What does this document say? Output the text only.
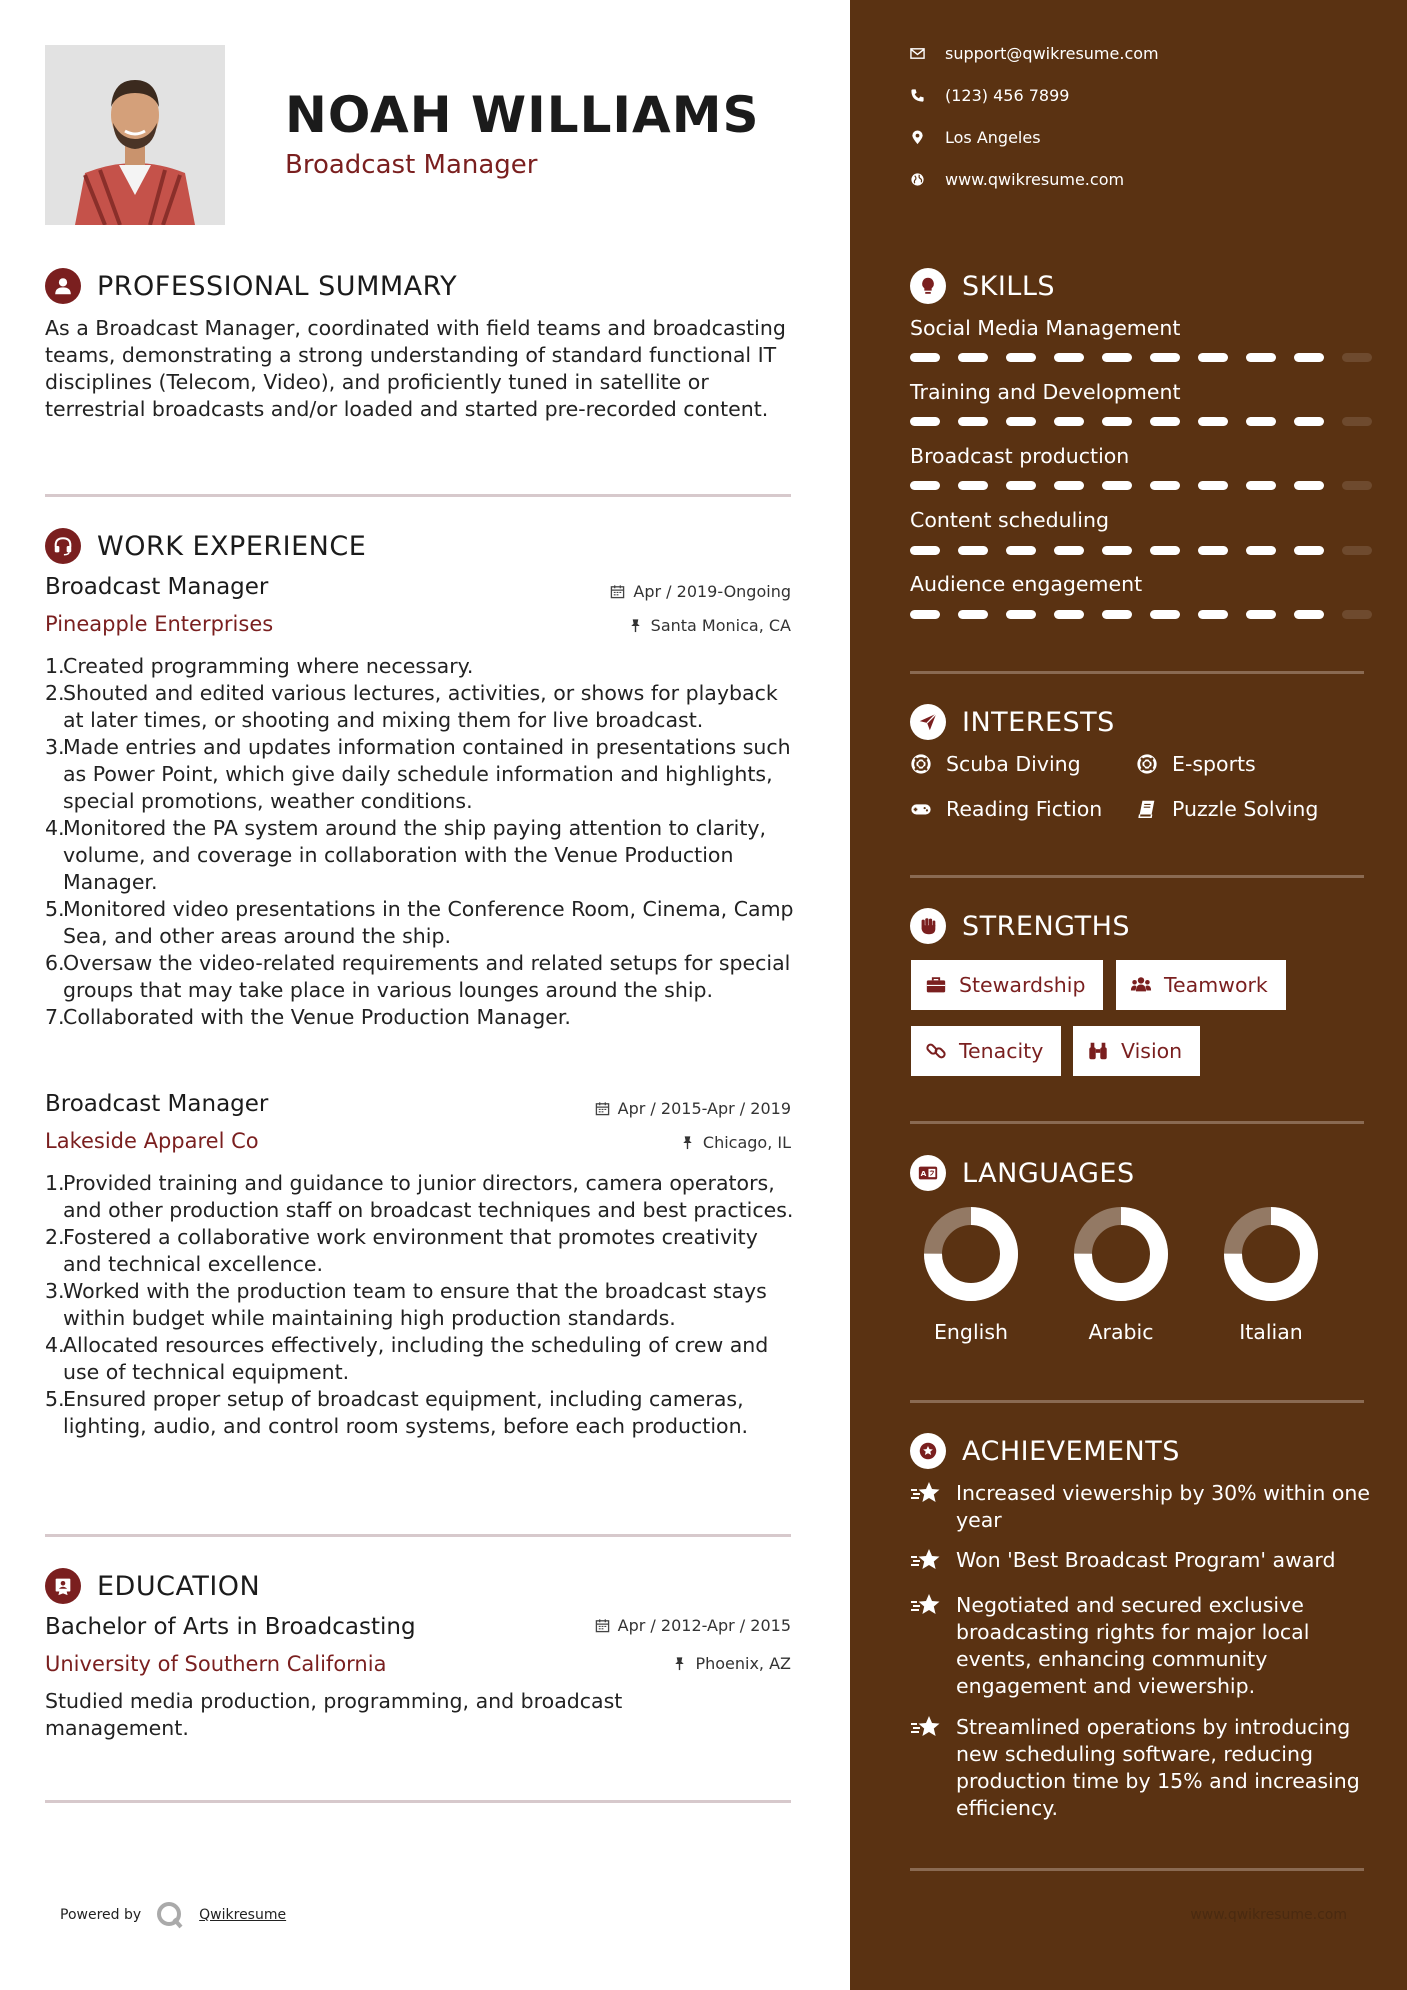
NOAH WILLIAMS
Broadcast Manager
PROFESSIONAL SUMMARY
As a Broadcast Manager, coordinated with field teams and broadcasting teams, demonstrating a strong understanding of standard functional IT disciplines (Telecom, Video), and proficiently tuned in satellite or terrestrial broadcasts and/or loaded and started pre-recorded content.
WORK EXPERIENCE
Broadcast Manager	Apr / 2019-Ongoing
Pineapple Enterprises	Santa Monica, CA
1.
Created programming where necessary.
2.
Shouted and edited various lectures, activities, or shows for playback at later times, or shooting and mixing them for live broadcast.
3.
Made entries and updates information contained in presentations such as Power Point, which give daily schedule information and highlights, special promotions, weather conditions.
4.
Monitored the PA system around the ship paying attention to clarity, volume, and coverage in collaboration with the Venue Production Manager.
5.
Monitored video presentations in the Conference Room, Cinema, Camp Sea, and other areas around the ship.
6.
Oversaw the video-related requirements and related setups for special groups that may take place in various lounges around the ship.
7.
Collaborated with the Venue Production Manager.
Broadcast Manager	Apr / 2015-Apr / 2019
Lakeside Apparel Co	Chicago, IL
1.
Provided training and guidance to junior directors, camera operators, and other production staff on broadcast techniques and best practices.
2.
Fostered a collaborative work environment that promotes creativity and technical excellence.
3.
Worked with the production team to ensure that the broadcast stays within budget while maintaining high production standards.
4.
Allocated resources effectively, including the scheduling of crew and use of technical equipment.
5.
Ensured proper setup of broadcast equipment, including cameras, lighting, audio, and control room systems, before each production.
EDUCATION
Bachelor of Arts in Broadcasting	Apr / 2012-Apr / 2015
University of Southern California	Phoenix, AZ
Studied media production, programming, and broadcast management.
Powered by	Qwikresume	www.qwikresume.com
support@qwikresume.com
(123) 456 7899
Los Angeles
www.qwikresume.com
SKILLS
Social Media Management
Training and Development
Broadcast production
Content scheduling
Audience engagement
INTERESTS
Scuba Diving	E-sports
Reading Fiction	Puzzle Solving
STRENGTHS
Stewardship	Teamwork
Tenacity	Vision
A LANGUAGES
English	Arabic	Italian
ACHIEVEMENTS
Increased viewership by 30% within one year
Won 'Best Broadcast Program' award
Negotiated and secured exclusive broadcasting rights for major local events, enhancing community engagement and viewership.
Streamlined operations by introducing new scheduling software, reducing production time by 15% and increasing efficiency.
